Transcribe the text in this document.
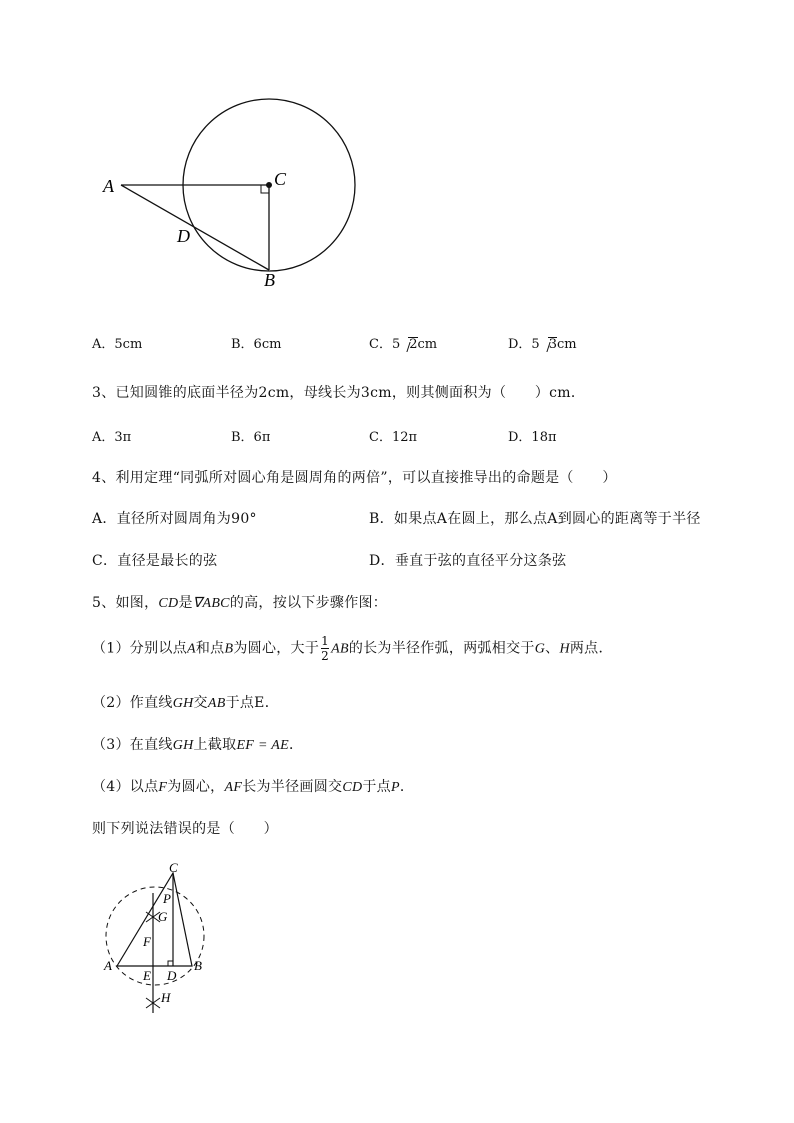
A	C
D
B
A．5cm	B．6cm	C．5 2cm	D．5 3cm
3、已知圆锥的底面半径为2cm，母线长为3cm，则其侧面积为（　　）cm．
A．3π	B．6π	C．12π	D．18π
4、利用定理“同弧所对圆心角是圆周角的两倍”，可以直接推导出的命题是（　　）
A．直径所对圆周角为90°	B．如果点A在圆上，那么点A到圆心的距离等于半径
C．直径是最长的弦	D．垂直于弦的直径平分这条弦
5、如图，CD是∇ABC的高，按以下步骤作图：
（1）分别以点A和点B为圆心，大于 $\frac{1}{2}$ AB的长为半径作弧，两弧相交于G、H两点．
（2）作直线GH交AB于点E．
（3）在直线GH上截取EF = AE．
（4）以点F为圆心，AF长为半径画圆交CD于点P．
则下列说法错误的是（　　）
C
P
G
F
A
E D
B
H
